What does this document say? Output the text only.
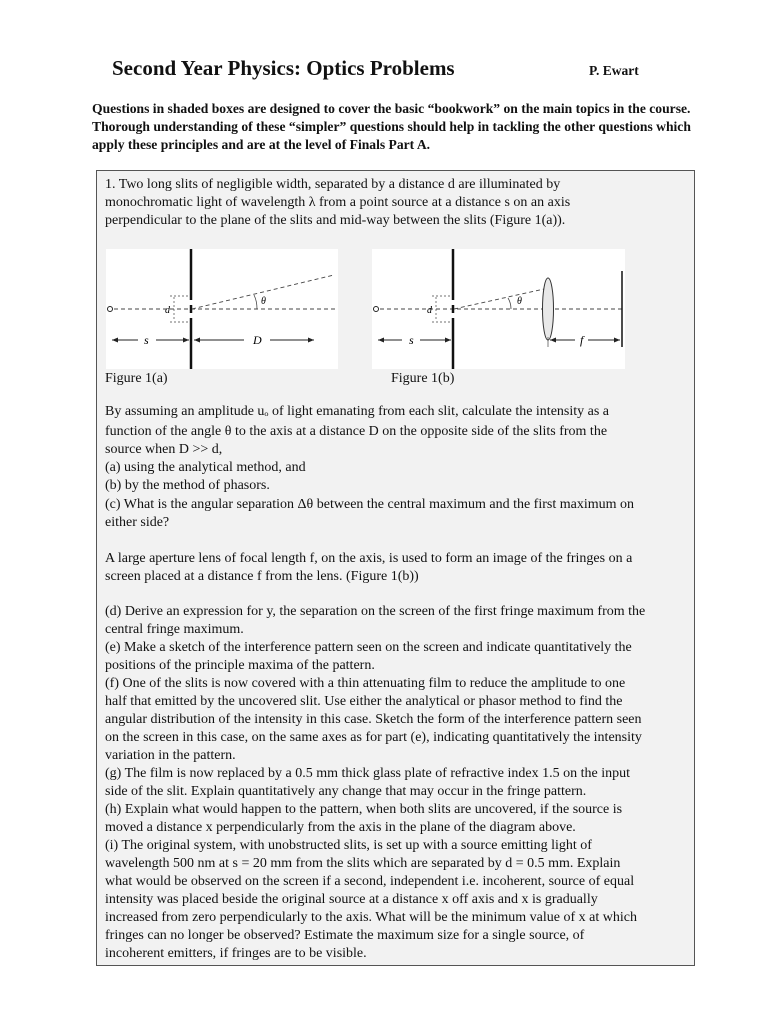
Second Year Physics: Optics Problems	P. Ewart

Questions in shaded boxes are designed to cover the basic “bookwork” on the main topics in the course. Thorough understanding of these “simpler” questions should help in tackling the other questions which apply these principles and are at the level of Finals Part A.

1. Two long slits of negligible width, separated by a distance d are illuminated by

monochromatic light of wavelength λ from a point source at a distance s on an axis

perpendicular to the plane of the slits and mid-way between the slits (Figure 1(a)).

d
θ
s	D
d
θ
s	f

Figure 1(a)	Figure 1(b)

By assuming an amplitude uₒ of light emanating from each slit, calculate the intensity as a

function of the angle θ to the axis at a distance D on the opposite side of the slits from the

source when D >> d,

(a) using the analytical method, and

(b) by the method of phasors.

(c) What is the angular separation Δθ between the central maximum and the first maximum on

either side?

A large aperture lens of focal length f, on the axis, is used to form an image of the fringes on a

screen placed at a distance f from the lens. (Figure 1(b))

(d) Derive an expression for y, the separation on the screen of the first fringe maximum from the

central fringe maximum.

(e) Make a sketch of the interference pattern seen on the screen and indicate quantitatively the

positions of the principle maxima of the pattern.

(f) One of the slits is now covered with a thin attenuating film to reduce the amplitude to one

half that emitted by the uncovered slit. Use either the analytical or phasor method to find the

angular distribution of the intensity in this case. Sketch the form of the interference pattern seen

on the screen in this case, on the same axes as for part (e), indicating quantitatively the intensity

variation in the pattern.

(g) The film is now replaced by a 0.5 mm thick glass plate of refractive index 1.5 on the input

side of the slit. Explain quantitatively any change that may occur in the fringe pattern.

(h) Explain what would happen to the pattern, when both slits are uncovered, if the source is

moved a distance x perpendicularly from the axis in the plane of the diagram above.

(i) The original system, with unobstructed slits, is set up with a source emitting light of

wavelength 500 nm at s = 20 mm from the slits which are separated by d = 0.5 mm. Explain

what would be observed on the screen if a second, independent i.e. incoherent, source of equal

intensity was placed beside the original source at a distance x off axis and x is gradually

increased from zero perpendicularly to the axis. What will be the minimum value of x at which

fringes can no longer be observed? Estimate the maximum size for a single source, of

incoherent emitters, if fringes are to be visible.
